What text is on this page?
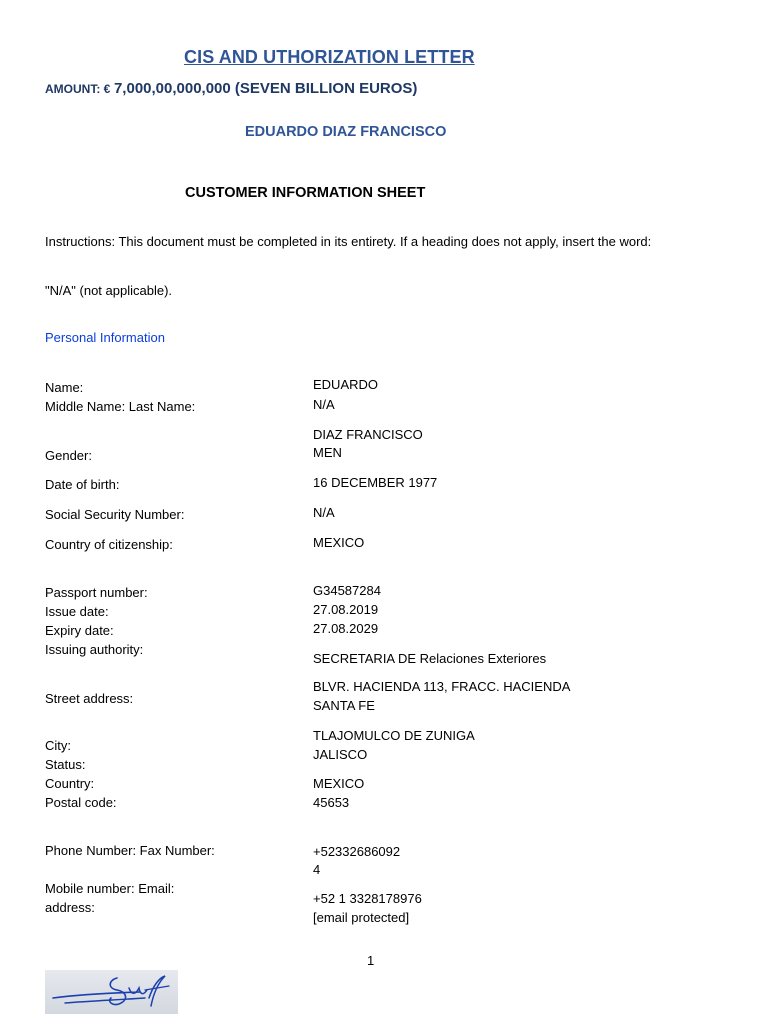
CIS AND UTHORIZATION LETTER
AMOUNT: € 7,000,00,000,000 (SEVEN BILLION EUROS)
EDUARDO DIAZ FRANCISCO
CUSTOMER INFORMATION SHEET
Instructions: This document must be completed in its entirety. If a heading does not apply, insert the word:
"N/A" (not applicable).
Personal Information
Name:
Middle Name: Last Name:
Gender:
Date of birth:
Social Security Number:
Country of citizenship:
Passport number:
Issue date:
Expiry date:
Issuing authority:
Street address:
City:
Status:
Country:
Postal code:
Phone Number: Fax Number:
Mobile number: Email: address:
EDUARDO
N/A
DIAZ FRANCISCO
MEN
16 DECEMBER 1977
N/A
MEXICO
G34587284
27.08.2019
27.08.2029
SECRETARIA DE Relaciones Exteriores
BLVR. HACIENDA 113, FRACC. HACIENDA
SANTA FE
TLAJOMULCO DE ZUNIGA
JALISCO
MEXICO
45653
+52332686092
4
+52 1 3328178976
[email protected]
1
